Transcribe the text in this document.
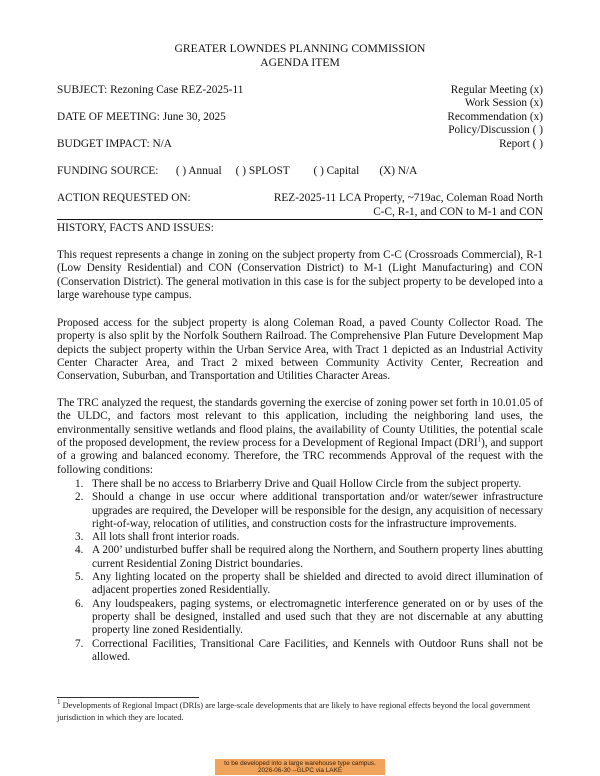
GREATER LOWNDES PLANNING COMMISSION
AGENDA ITEM
SUBJECT: Rezoning Case REZ-2025-11
DATE OF MEETING: June 30, 2025
BUDGET IMPACT: N/A
Regular Meeting (x)
Work Session (x)
Recommendation (x)
Policy/Discussion ( )
Report ( )
FUNDING SOURCE: ( ) Annual ( ) SPLOST ( ) Capital (X) N/A
ACTION REQUESTED ON:	REZ-2025-11 LCA Property, ~719ac, Coleman Road North
C-C, R-1, and CON to M-1 and CON
HISTORY, FACTS AND ISSUES:

This request represents a change in zoning on the subject property from C-C (Crossroads Commercial), R-1 (Low Density Residential) and CON (Conservation District) to M-1 (Light Manufacturing) and CON (Conservation District). The general motivation in this case is for the subject property to be developed into a large warehouse type campus.

Proposed access for the subject property is along Coleman Road, a paved County Collector Road. The property is also split by the Norfolk Southern Railroad. The Comprehensive Plan Future Development Map depicts the subject property within the Urban Service Area, with Tract 1 depicted as an Industrial Activity Center Character Area, and Tract 2 mixed between Community Activity Center, Recreation and Conservation, Suburban, and Transportation and Utilities Character Areas.

The TRC analyzed the request, the standards governing the exercise of zoning power set forth in 10.01.05 of the ULDC, and factors most relevant to this application, including the neighboring land uses, the environmentally sensitive wetlands and flood plains, the availability of County Utilities, the potential scale of the proposed development, the review process for a Development of Regional Impact (DRI$^1$), and support of a growing and balanced economy. Therefore, the TRC recommends Approval of the request with the following conditions:

1. There shall be no access to Briarberry Drive and Quail Hollow Circle from the subject property.
2. Should a change in use occur where additional transportation and/or water/sewer infrastructure upgrades are required, the Developer will be responsible for the design, any acquisition of necessary right-of-way, relocation of utilities, and construction costs for the infrastructure improvements.
3. All lots shall front interior roads.
4. A 200’ undisturbed buffer shall be required along the Northern, and Southern property lines abutting current Residential Zoning District boundaries.
5. Any lighting located on the property shall be shielded and directed to avoid direct illumination of adjacent properties zoned Residentially.
6. Any loudspeakers, paging systems, or electromagnetic interference generated on or by uses of the property shall be designed, installed and used such that they are not discernable at any abutting property line zoned Residentially.
7. Correctional Facilities, Transitional Care Facilities, and Kennels with Outdoor Runs shall not be allowed.

$^1$ Developments of Regional Impact (DRIs) are large-scale developments that are likely to have regional effects beyond the local government jurisdiction in which they are located.

to be developed into a large warehouse type campus.
2026-06-30 --GLPC via LAKE
